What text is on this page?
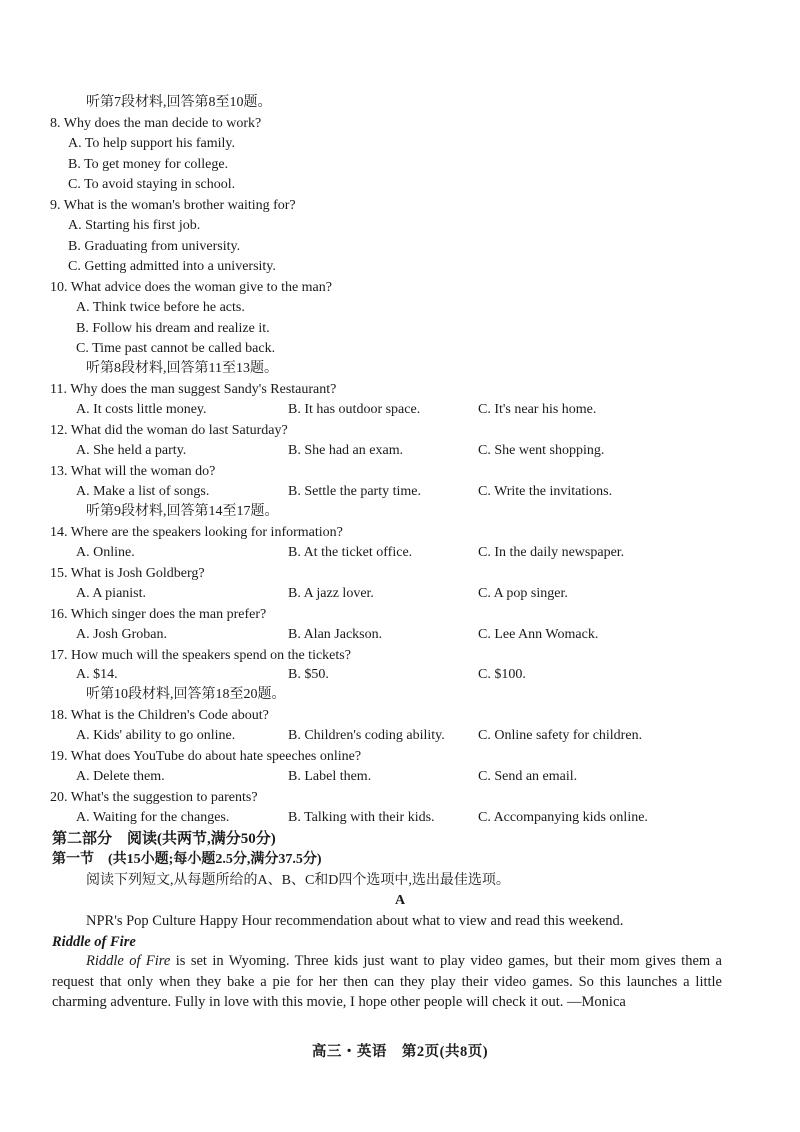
听第7段材料,回答第8至10题。
8. Why does the man decide to work?
A. To help support his family.
B. To get money for college.
C. To avoid staying in school.
9. What is the woman's brother waiting for?
A. Starting his first job.
B. Graduating from university.
C. Getting admitted into a university.
10. What advice does the woman give to the man?
A. Think twice before he acts.
B. Follow his dream and realize it.
C. Time past cannot be called back.
听第8段材料,回答第11至13题。
11. Why does the man suggest Sandy's Restaurant?
A. It costs little money.	B. It has outdoor space.	C. It's near his home.
12. What did the woman do last Saturday?
A. She held a party.	B. She had an exam.	C. She went shopping.
13. What will the woman do?
A. Make a list of songs.	B. Settle the party time.	C. Write the invitations.
听第9段材料,回答第14至17题。
14. Where are the speakers looking for information?
A. Online.	B. At the ticket office.	C. In the daily newspaper.
15. What is Josh Goldberg?
A. A pianist.	B. A jazz lover.	C. A pop singer.
16. Which singer does the man prefer?
A. Josh Groban.	B. Alan Jackson.	C. Lee Ann Womack.
17. How much will the speakers spend on the tickets?
A. $14.	B. $50.	C. $100.
听第10段材料,回答第18至20题。
18. What is the Children's Code about?
A. Kids' ability to go online.	B. Children's coding ability. C. Online safety for children.
19. What does YouTube do about hate speeches online?
A. Delete them.	B. Label them.	C. Send an email.
20. What's the suggestion to parents?
A. Waiting for the changes.	B. Talking with their kids.	C. Accompanying kids online.
第二部分　阅读(共两节,满分50分)
第一节　(共15小题;每小题2.5分,满分37.5分)
阅读下列短文,从每题所给的A、B、C和D四个选项中,选出最佳选项。
A
NPR's Pop Culture Happy Hour recommendation about what to view and read this weekend.
Riddle of Fire
Riddle of Fire is set in Wyoming. Three kids just want to play video games, but their mom gives them a request that only when they bake a pie for her then can they play their video games. So this launches a little charming adventure. Fully in love with this movie, I hope other people will check it out. —Monica
高三・英语　第2页(共8页)
